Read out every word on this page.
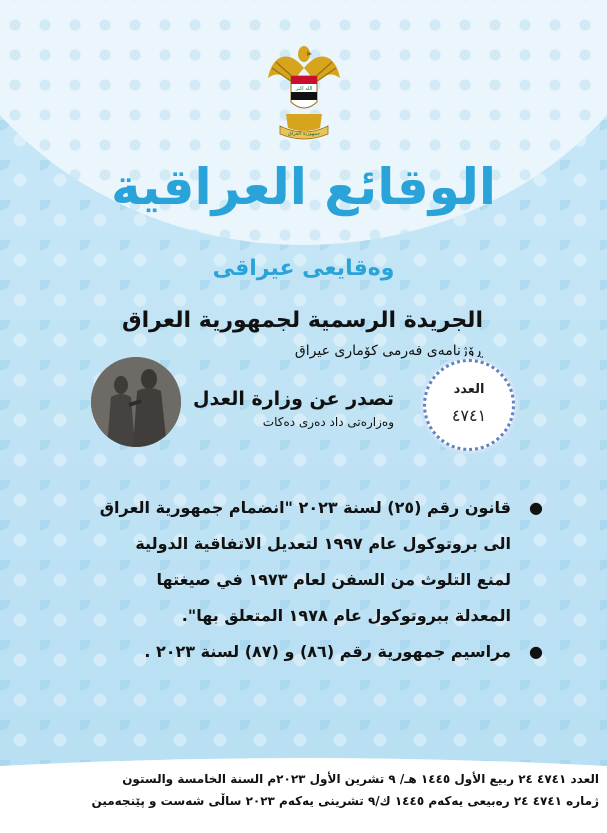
الله اكبر
جمهورية العراق
الوقائع العراقية
وەقایعی عیراقی
الجريدة الرسمية لجمهورية العراق
ڕۆژنامەی فەرمی کۆماری عیراق
تصدر عن وزارة العدل
وەزارەتی داد دەری دەکات
العدد
٤٧٤١
●
قانون رقم (٢٥) لسنة ٢٠٢٣ "انضمام جمهورية العراق الى بروتوكول عام ١٩٩٧ لتعديل الاتفاقية الدولية لمنع التلوث من السفن لعام ١٩٧٣ في صيغتها المعدلة ببروتوكول عام ١٩٧٨ المتعلق بها".
●
مراسيم جمهورية رقم (٨٦) و (٨٧) لسنة ٢٠٢٣ .
العدد ٤٧٤١ ٢٤ ربيع الأول ١٤٤٥ هـ/ ٩ تشرين الأول ٢٠٢٣م السنة الخامسة والستون
ژمارە ٤٧٤١ ٢٤ رەبیعی یەکەم ١٤٤٥ ك/٩ تشرینی یەکەم ٢٠٢٣ ساڵی شەست و پێنجەمین
